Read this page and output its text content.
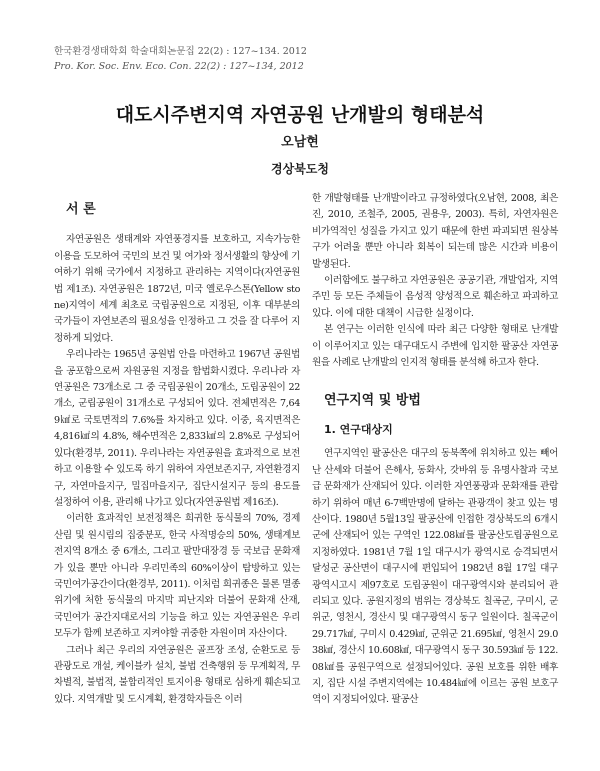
한국환경생태학회 학술대회논문집 22(2) : 127~134. 2012
Pro. Kor. Soc. Env. Eco. Con. 22(2) : 127~134, 2012
대도시주변지역 자연공원 난개발의 형태분석
오남현
경상북도청

서 론

자연공원은 생태계와 자연풍경지를 보호하고, 지속가능한 이용을 도모하여 국민의 보건 및 여가와 정서생활의 향상에 기여하기 위해 국가에서 지정하고 관리하는 지역이다(자연공원법 제1조). 자연공원은 1872년, 미국 옐로우스톤(Yellow stone)지역이 세계 최초로 국립공원으로 지정된, 이후 대부분의 국가들이 자연보존의 필요성을 인정하고 그 것을 잘 다루어 지정하게 되었다.

우리나라는 1965년 공원법 안을 마련하고 1967년 공원법을 공포함으로써 자원공원 지정을 합법화시켰다. 우리나라 자연공원은 73개소로 그 중 국립공원이 20개소, 도립공원이 22개소, 군립공원이 31개소로 구성되어 있다. 전체면적은 7,649㎢로 국토면적의 7.6%를 차지하고 있다. 이중, 육지면적은 4,816㎢의 4.8%, 해수면적은 2,833㎢의 2.8%로 구성되어 있다(환경부, 2011). 우리나라는 자연공원을 효과적으로 보전하고 이용할 수 있도록 하기 위하여 자연보존지구, 자연환경지구, 자연마을지구, 밀집마을지구, 집단시설지구 등의 용도를 설정하여 이용, 관리해 나가고 있다(자연공원법 제16조).

이러한 효과적인 보전정책은 희귀한 동식물의 70%, 경제산림 및 원시림의 집중분포, 한국 사적명승의 50%, 생태계보전지역 8개소 중 6개소, 그리고 팔만대장경 등 국보급 문화재가 있을 뿐만 아니라 우리민족의 60%이상이 탐방하고 있는 국민여가공간이다(환경부, 2011). 이처럼 희귀종은 물론 멸종 위기에 처한 동식물의 마지막 피난지와 더불어 문화재 산재, 국민여가 공간지대로서의 기능을 하고 있는 자연공원은 우리 모두가 함께 보존하고 지켜야할 귀중한 자원이며 자산이다.

그러나 최근 우리의 자연공원은 골프장 조성, 순환도로 등 관광도로 개설, 케이블카 설치, 불법 건축행위 등 무계획적, 무차별적, 불법적, 불합리적인 토지이용 형태로 심하게 훼손되고 있다. 지역개발 및 도시계획, 환경학자들은 이러

한 개발형태를 난개발이라고 규정하였다(오남현, 2008, 최은진, 2010, 조철주, 2005, 권용우, 2003). 특히, 자연자원은 비가역적인 성질을 가지고 있기 때문에 한번 파괴되면 원상복구가 어려울 뿐만 아니라 회복이 되는데 많은 시간과 비용이 발생된다.

이러함에도 불구하고 자연공원은 공공기관, 개발업자, 지역주민 등 모든 주체들이 음성적 양성적으로 훼손하고 파괴하고 있다. 이에 대한 대책이 시급한 실정이다.

본 연구는 이러한 인식에 따라 최근 다양한 형태로 난개발이 이루어지고 있는 대구대도시 주변에 입지한 팔공산 자연공원을 사례로 난개발의 인지적 형태를 분석해 하고자 한다.

연구지역 및 방법

1. 연구대상지

연구지역인 팔공산은 대구의 동북쪽에 위치하고 있는 빼어난 산세와 더불어 은해사, 동화사, 갓바위 등 유명사찰과 국보급 문화재가 산재되어 있다. 이러한 자연풍광과 문화재를 관람하기 위하여 매년 6-7백만명에 달하는 관광객이 찾고 있는 명산이다. 1980년 5월13일 팔공산에 인접한 경상북도의 6개시군에 산재되어 있는 구역인 122.08㎢를 팔공산도립공원으로 지정하였다. 1981년 7월 1일 대구시가 광역시로 승격되면서 달성군 공산면이 대구시에 편입되어 1982년 8월 17일 대구광역시고시 제97호로 도립공원이 대구광역시와 분리되어 관리되고 있다. 공원지정의 범위는 경상북도 칠곡군, 구미시, 군위군, 영천시, 경산시 및 대구광역시 동구 일원이다. 칠곡군이 29.717㎢, 구미시 0.429㎢, 군위군 21.695㎢, 영천시 29.038㎢, 경산시 10.608㎢, 대구광역시 동구 30.593㎢ 등 122.08㎢를 공원구역으로 설정되어있다. 공원 보호를 위한 배후지, 집단 시설 주변지역에는 10.484㎢에 이르는 공원 보호구역이 지정되어있다. 팔공산
